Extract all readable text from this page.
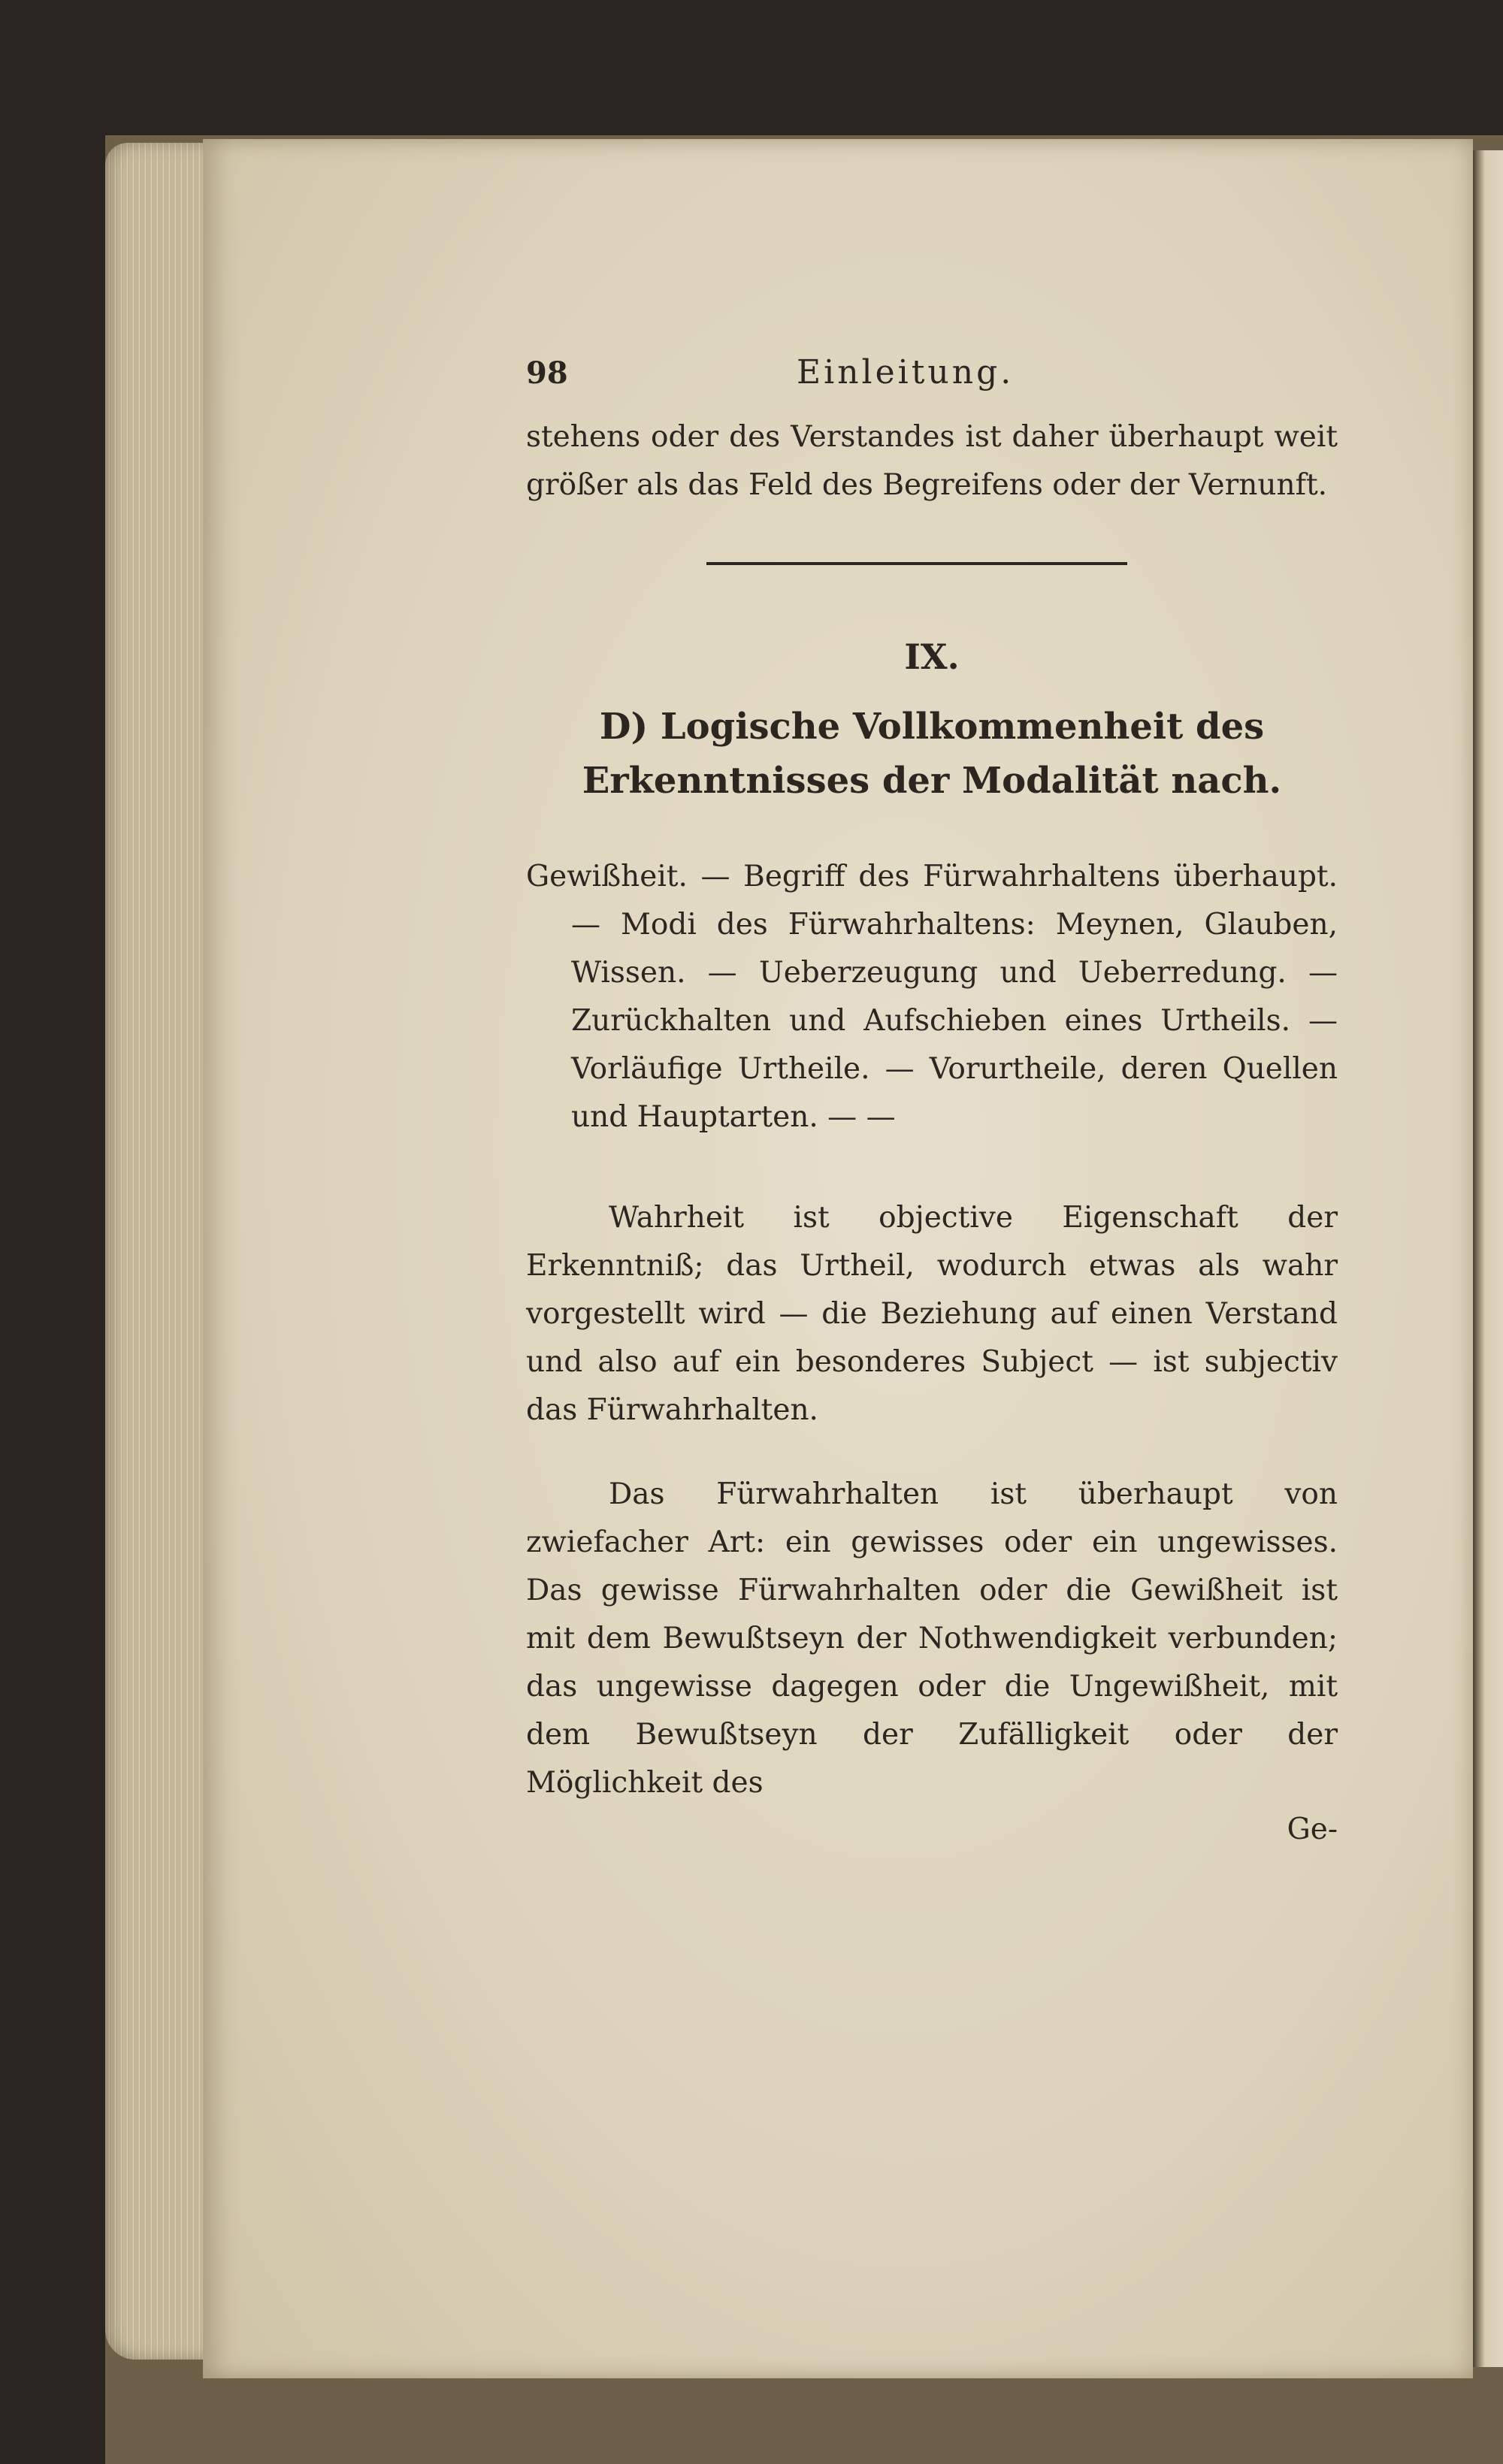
98	Einleitung.

stehens oder des Verstandes ist daher überhaupt weit größer als das Feld des Begreifens oder der Vernunft.

IX.
D) Logische Vollkommenheit des Erkenntnisses der Modalität nach.

Gewißheit. — Begriff des Fürwahrhaltens überhaupt. — Modi des Fürwahrhaltens: Meynen, Glauben, Wissen. — Ueberzeugung und Ueberredung. — Zurückhalten und Aufschieben eines Urtheils. — Vorläufige Urtheile. — Vorurtheile, deren Quellen und Hauptarten. — —

Wahrheit ist objective Eigenschaft der Erkenntniß; das Urtheil, wodurch etwas als wahr vorgestellt wird — die Beziehung auf einen Verstand und also auf ein besonderes Subject — ist subjectiv das Fürwahrhalten.

Das Fürwahrhalten ist überhaupt von zwiefacher Art: ein gewisses oder ein ungewisses. Das gewisse Fürwahrhalten oder die Gewißheit ist mit dem Bewußtseyn der Nothwendigkeit verbunden; das ungewisse dagegen oder die Ungewißheit, mit dem Bewußtseyn der Zufälligkeit oder der Möglichkeit des

Ge-
